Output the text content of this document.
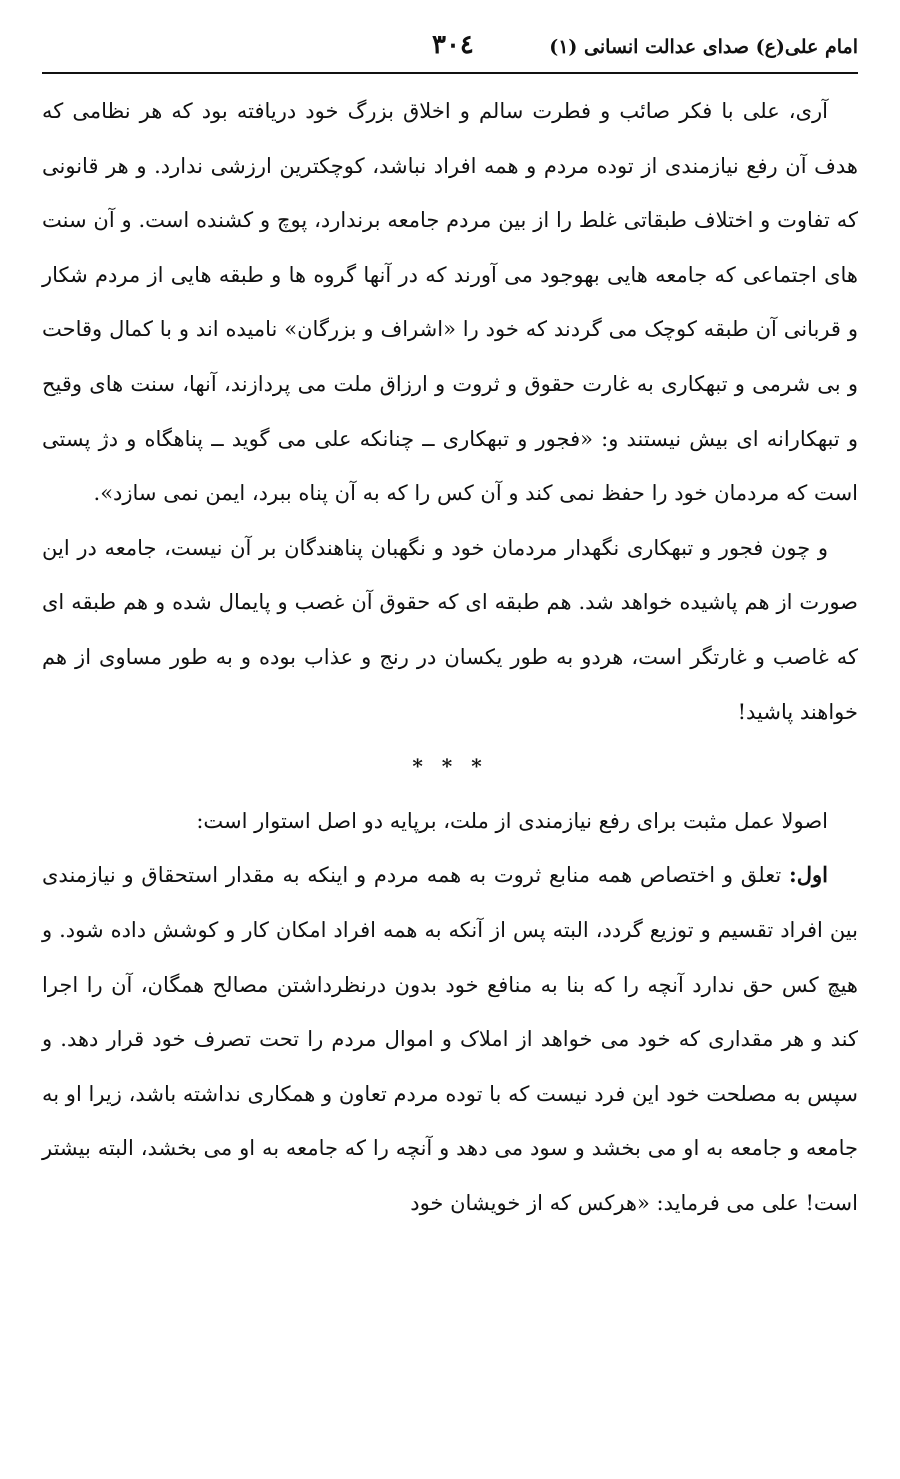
امام علی(ع) صدای عدالت انسانی (۱)
۳۰٤

آری، علی با فکر صائب و فطرت سالم و اخلاق بزرگ خود دریافته بود که هر نظامی که هدف آن رفع نیازمندی از توده مردم و همه افراد نباشد، کوچکترین ارزشی ندارد. و هر قانونی که تفاوت و اختلاف طبقاتی غلط را از بین مردم جامعه برندارد، پوچ و کشنده است. و آن سنت های اجتماعی که جامعه هایی بهوجود می آورند که در آنها گروه ها و طبقه هایی از مردم شکار و قربانی آن طبقه کوچک می گردند که خود را «اشراف و بزرگان» نامیده اند و با کمال وقاحت و بی شرمی و تبهکاری به غارت حقوق و ثروت و ارزاق ملت می پردازند، آنها، سنت های وقیح و تبهکارانه ای بیش نیستند و: «فجور و تبهکاری ــ چنانکه علی می گوید ــ پناهگاه و دژ پستی است که مردمان خود را حفظ نمی کند و آن کس را که به آن پناه ببرد، ایمن نمی سازد».

و چون فجور و تبهکاری نگهدار مردمان خود و نگهبان پناهندگان بر آن نیست، جامعه در این صورت از هم پاشیده خواهد شد. هم طبقه ای که حقوق آن غصب و پایمال شده و هم طبقه ای که غاصب و غارتگر است، هردو به طور یکسان در رنج و عذاب بوده و به طور مساوی از هم خواهند پاشید!

* * *

اصولا عمل مثبت برای رفع نیازمندی از ملت، برپایه دو اصل استوار است:

اول: تعلق و اختصاص همه منابع ثروت به همه مردم و اینکه به مقدار استحقاق و نیازمندی بین افراد تقسیم و توزیع گردد، البته پس از آنکه به همه افراد امکان کار و کوشش داده شود. و هیچ کس حق ندارد آنچه را که بنا به منافع خود بدون درنظرداشتن مصالح همگان، آن را اجرا کند و هر مقداری که خود می خواهد از املاک و اموال مردم را تحت تصرف خود قرار دهد. و سپس به مصلحت خود این فرد نیست که با توده مردم تعاون و همکاری نداشته باشد، زیرا او به جامعه و جامعه به او می بخشد و سود می دهد و آنچه را که جامعه به او می بخشد، البته بیشتر است! علی می فرماید: «هرکس که از خویشان خود
